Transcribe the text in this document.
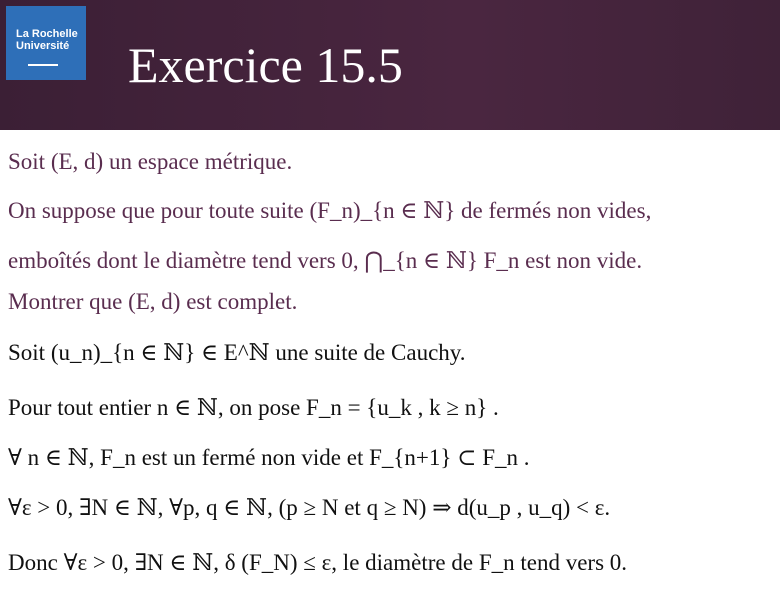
La Rochelle
Université	Exercice 15.5
Soit (E, d) un espace métrique.
On suppose que pour toute suite (F_n)_{n ∈ ℕ} de fermés non vides,
emboîtés dont le diamètre tend vers 0, ⋂_{n ∈ ℕ} F_n est non vide.
Montrer que (E, d) est complet.
Soit (u_n)_{n ∈ ℕ} ∈ E^ℕ une suite de Cauchy.
Pour tout entier n ∈ ℕ, on pose F_n = {u_k , k ≥ n} .
∀ n ∈ ℕ, F_n est un fermé non vide et F_{n+1} ⊂ F_n .
∀ε > 0, ∃N ∈ ℕ, ∀p, q ∈ ℕ, (p ≥ N et q ≥ N) ⇒ d(u_p , u_q) < ε.
Donc ∀ε > 0, ∃N ∈ ℕ, δ (F_N) ≤ ε, le diamètre de F_n tend vers 0.
